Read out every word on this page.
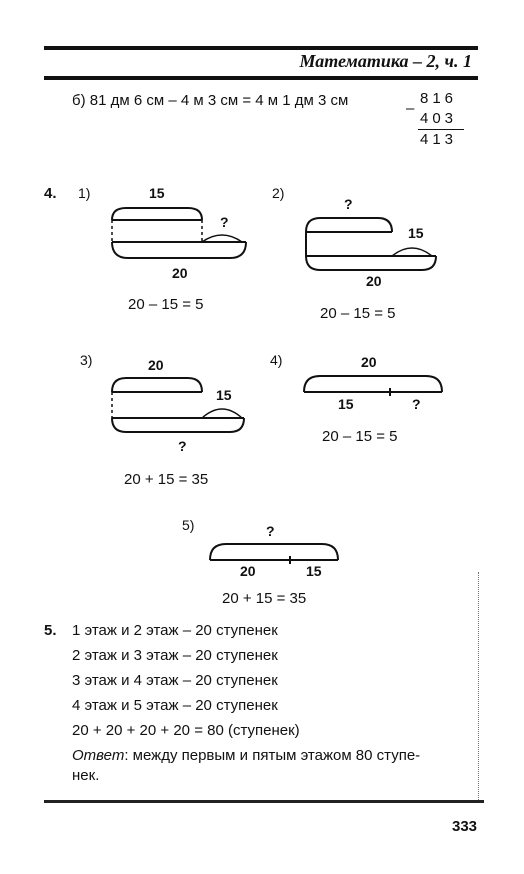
Математика – 2, ч. 1
б) 81 дм 6 см – 4 м 3 см = 4 м 1 дм 3 см	816
–
403
413
4. 1)	15
?
20
20 – 15 = 5
2)
?
15
20
20 – 15 = 5
3)	20
15
?
20 + 15 = 35
4)	20
15	?
20 – 15 = 5
5)	?
20	15
20 + 15 = 35
5. 1 этаж и 2 этаж – 20 ступенек
2 этаж и 3 этаж – 20 ступенек
3 этаж и 4 этаж – 20 ступенек
4 этаж и 5 этаж – 20 ступенек
20 + 20 + 20 + 20 = 80 (ступенек)
Ответ: между первым и пятым этажом 80 ступе-
нек.
333
